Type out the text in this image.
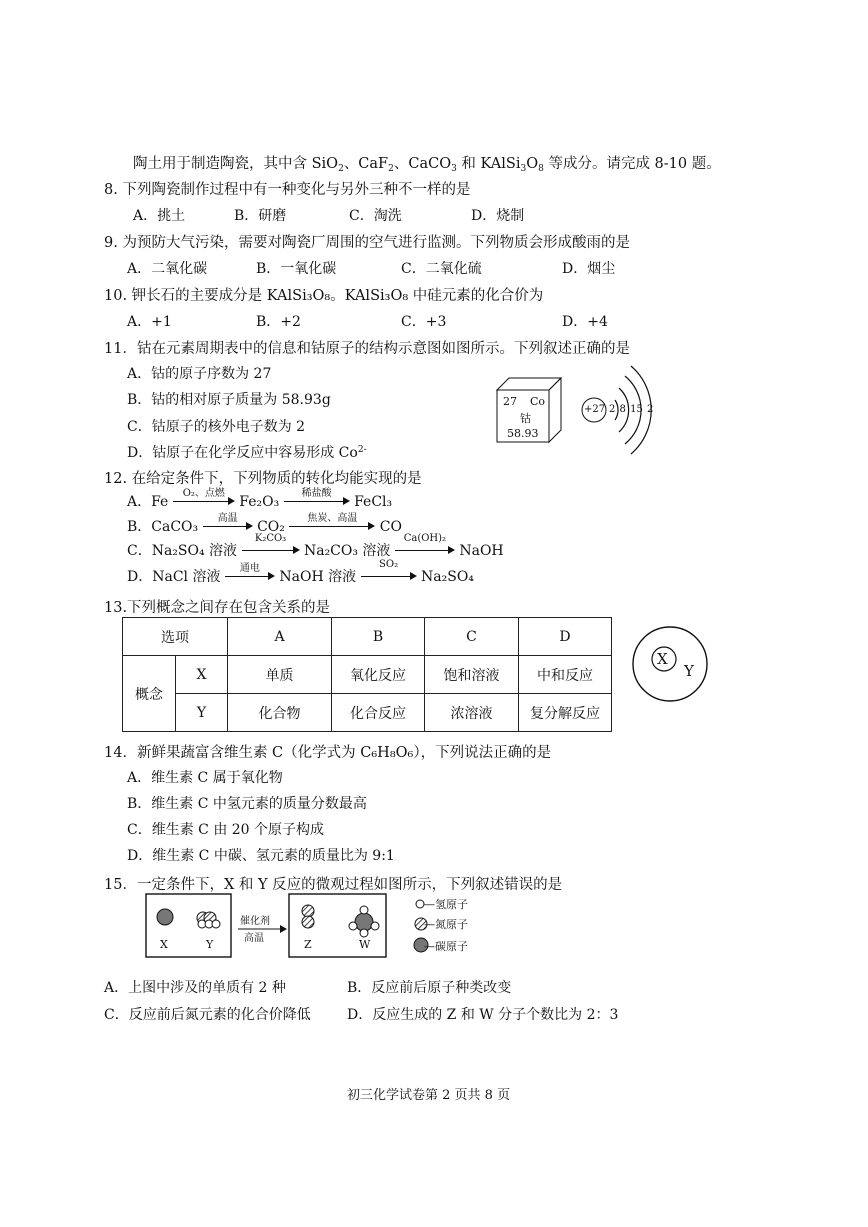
陶土用于制造陶瓷，其中含 SiO$_2$、CaF$_2$、CaCO$_3$ 和 $KAlSi_3O_8$ 等成分。请完成 8-10 题。
8. 下列陶瓷制作过程中有一种变化与另外三种不一样的是
A．挑土	B．研磨	C．淘洗	D．烧制
9. 为预防大气污染，需要对陶瓷厂周围的空气进行监测。下列物质会形成酸雨的是
A．二氧化碳	B．一氧化碳	C．二氧化硫	D．烟尘
10. 钾长石的主要成分是 KAlSi₃O₈。KAlSi₃O₈ 中硅元素的化合价为
A．+1	B．+2	C．+3	D．+4
11．钴在元素周期表中的信息和钴原子的结构示意图如图所示。下列叙述正确的是
A．钴的原子序数为 27
B．钴的相对原子质量为 58.93g
C．钴原子的核外电子数为 2
D．钴原子在化学反应中容易形成 $Co^{2-}$
27 Co
钴
58.93
+27 2 8 15 2
12. 在给定条件下，下列物质的转化均能实现的是
A．Fe
O₂、点燃
Fe₂O₃
稀盐酸
FeCl₃
B．CaCO₃
高温
CO₂
焦炭、高温
CO
C．Na₂SO₄ 溶液
K₂CO₃
Na₂CO₃ 溶液
Ca(OH)₂
NaOH
D．NaCl 溶液
通电
NaOH 溶液
SO₂
Na₂SO₄
13.下列概念之间存在包含关系的是
选项		A	B	C	D
概念	X	单质	氧化反应	饱和溶液	中和反应
	Y	化合物	化合反应	浓溶液	复分解反应
X
Y
14．新鲜果蔬富含维生素 C（化学式为 C₆H₈O₆），下列说法正确的是
A．维生素 C 属于氧化物
B．维生素 C 中氢元素的质量分数最高
C．维生素 C 由 20 个原子构成
D．维生素 C 中碳、氢元素的质量比为 9:1
15．一定条件下，X 和 Y 反应的微观过程如图所示，下列叙述错误的是
X	Y	Z	W
催化剂
高温
—氢原子
—氮原子
—碳原子
A．上图中涉及的单质有 2 种	B．反应前后原子种类改变
C．反应前后氮元素的化合价降低	D．反应生成的 Z 和 W 分子个数比为 2：3
初三化学试卷第 2 页共 8 页
